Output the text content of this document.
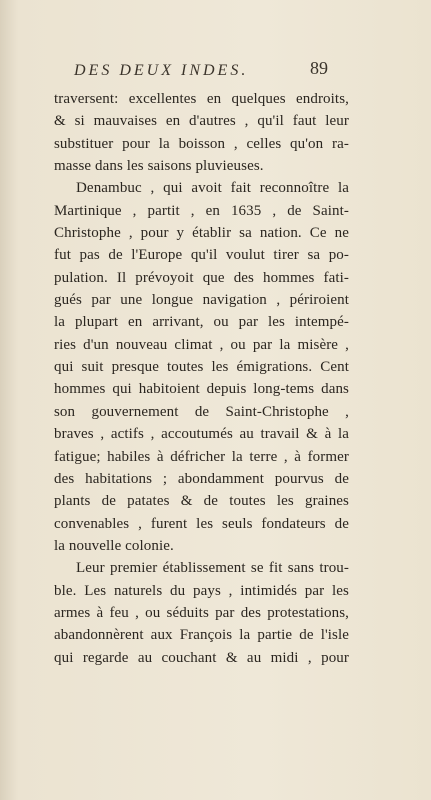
DES DEUX INDES.	89
traversent: excellentes en quelques endroits,
& si mauvaises en d'autres , qu'il faut leur
substituer pour la boisson , celles qu'on ra-
masse dans les saisons pluvieuses.
Denambuc , qui avoit fait reconnoître la
Martinique , partit , en 1635 , de Saint-
Christophe , pour y établir sa nation. Ce ne
fut pas de l'Europe qu'il voulut tirer sa po-
pulation. Il prévoyoit que des hommes fati-
gués par une longue navigation , périroient
la plupart en arrivant, ou par les intempé-
ries d'un nouveau climat , ou par la misère ,
qui suit presque toutes les émigrations. Cent
hommes qui habitoient depuis long-tems dans
son gouvernement de Saint-Christophe ,
braves , actifs , accoutumés au travail & à la
fatigue; habiles à défricher la terre , à former
des habitations ; abondamment pourvus de
plants de patates & de toutes les graines
convenables , furent les seuls fondateurs de
la nouvelle colonie.
Leur premier établissement se fit sans trou-
ble. Les naturels du pays , intimidés par les
armes à feu , ou séduits par des protestations,
abandonnèrent aux François la partie de l'isle
qui regarde au couchant & au midi , pour
